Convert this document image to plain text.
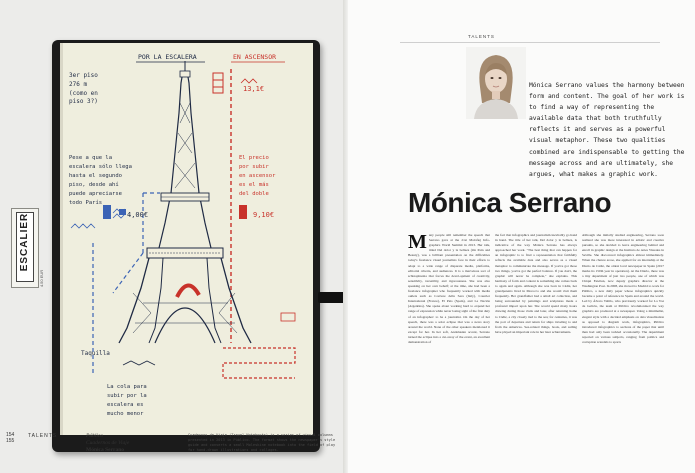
POR LA ESCALERA	EN ASCENSOR
3er piso
276 m
(como en
piso 3?)
13,1€
Pese a que la
escalera sólo llega
hasta el segundo
piso, desde ahí
puede apreciarse
todo París
El precio
por subir
en ascensor
es el más
del doble
4,00€	9,10€
Taquilla
La cola para
subir por la
escalera es
mucho menor
ESCALIER
4.50 EUR
154
155
TALENTS	Público
Cuadernos de Viaje
Mónica Serrano
Cuadernos de Viaje (Travel Notebooks) is a series of visual columns presented in 2013 in Público. The format shows the newspaper's style guide and converts a small Moleskine notebook into the field of play for hand-drawn illustrations and collages.
TALENTS
Mónica Serrano values the harmony between form and content. The goal of her work is to find a way of representing the available data that both truthfully reflects it and serves as a powerful visual metaphor. These two qualities combined are indispensable to getting the message across and are ultimately, she argues, what makes a graphic work.
Mónica Serrano
Many people still remember the speech that Serrano gave at the 21st Malofiej Info-graphics World Summit in 2013. Her talk, titled Del dolor y la belleza (On Pain and Beauty), was a brilliant presentation on the difficulties today's freelance visual journalists face in their efforts to adapt to a wide range of disparate media, platforms, editorial criteria, and audiences. It is a marvelous sort of schizophrenia that forces the devel-opment of creativity, sensitivity, versatility, and rigorousness. She was also speaking on her own behalf; at the time, she had been a freelance infographer who frequently worked with media outlets such as Corriere della Sera (Italy), Courrier International (France), El País (Spain), and La Nación (Argentina). She spoke about working hard to expand her range of expression while never losing sight of the first duty of an infographer: to be a journalist. On the day of her speech, there was a solar eclipse that was a news story around the world. None of the other speakers mentioned it except for her. In her soft, Andalusian accent, Serrano turned the eclipse into a cut-away of the event, an excellent demonstration of
the fact that infographics and journalism inevitably go hand in hand. The title of her talk, Del dolor y la belleza, is indicative of the way Mónica Serrano has always approached her work. "The best thing that can happen for an infographic is to find a representation that faithfully reflects the available data and also serves as a visual metaphor to communicate the message. If you've got those two things, you've got the perfect balance. If you don't, the graphic will never be complete," she explains. This harmony of form and content is something she comes back to again and again. Although she was born in Cádiz, her grandparents lived in Morocco and she would visit them frequently. Her grandfather had a small art collection, and being surrounded by paintings and sculptures made a profound impact upon her. She would spend many hours drawing during those visits and later, after returning home to Cádiz, a city closely tied to the sea; for centuries, it was the port of departure and return for ships traveling to and from the Americas. Sea-related things, boats, and sailing have played an important role in her later achievements.
Although she initially studied engineering, Serrano soon realized she was more interested in artistic and creative pursuits, so she decided to leave engineering behind and enroll in graphic design at the Instituto de Artes Visuales in Seville. She discovered infographics almost immediately. When the chance arose, she applied for an internship at the Diario de Cádiz, the oldest local newspaper in Spain (2017 marks its 150th year in operation). At the Diario, there was a tiny department of just two people, one of which was Chiqui Esteban, now deputy graphics director at the Washington Post. In 2008, she moved to Madrid to work for Público, a new daily paper whose infographics quickly became a point of reference in Spain and around the world. Led by Álvaro Valiño, who previously worked for La Voz de Galicia, the team at Público revolutionized the way graphics are produced at a newspaper. Using a minimalist, elegant style with a decided emphasis on data visualization as opposed to diagram work, infographics, Público introduced infographics to sections of the paper that until then had only been tackled occasionally. The department reported on various subjects, ranging from politics and corruption scandals to sports
